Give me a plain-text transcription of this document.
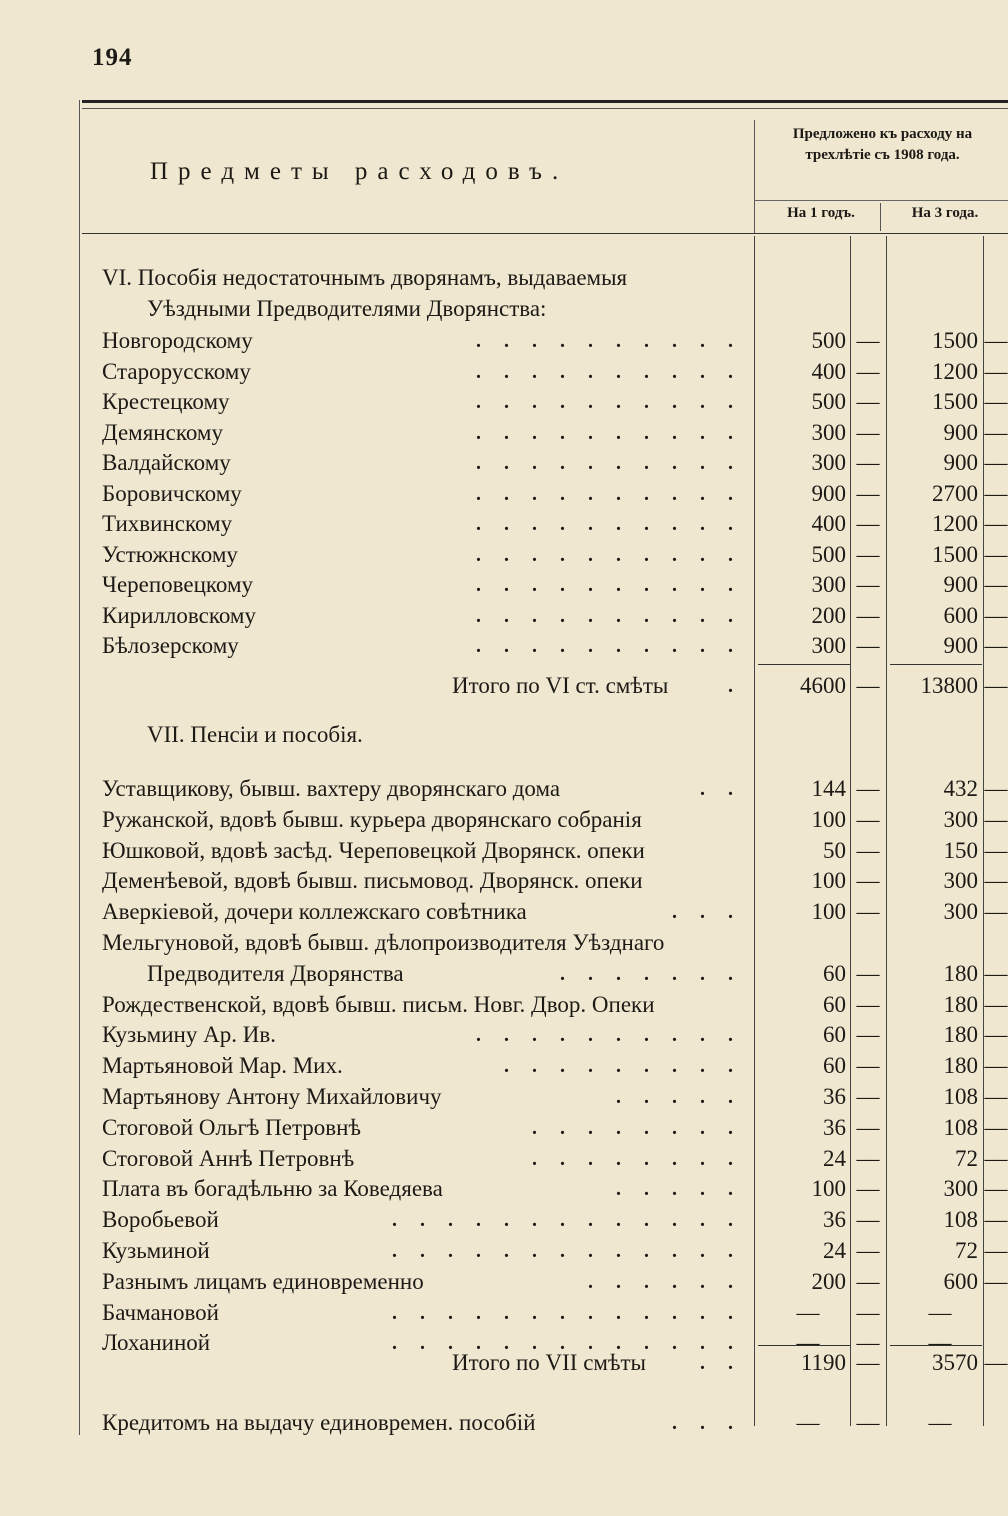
194
Предметы расходовъ.
Предложено къ расходу на трехлѣтіе съ 1908 года.
На 1 годъ.	На 3 года.
VI. Пособія недостаточнымъ дворянамъ, выдаваемыя
Уѣздными Предводителями Дворянства:
Новгородскому	. . . . . . . . . .	500 — 1500 —
Старорусскому	. . . . . . . . . .	400 — 1200 —
Крестецкому	. . . . . . . . . .	500 — 1500 —
Демянскому	. . . . . . . . . .	300 —	900 —
Валдайскому	. . . . . . . . . .	300 —	900 —
Боровичскому	. . . . . . . . . .	900 — 2700 —
Тихвинскому	. . . . . . . . . .	400 — 1200 —
Устюжнскому	. . . . . . . . . .	500 — 1500 —
Череповецкому	. . . . . . . . . .	300 —	900 —
Кирилловскому	. . . . . . . . . .	200 —	600 —
Бѣлозерскому	. . . . . . . . . .	300 —	900 —
Итого по VI ст. смѣты	.	4600 — 13800 —
VII. Пенсіи и пособія.
Уставщикову, бывш. вахтеру дворянскаго дома	. .	144 —	432 —
Ружанской, вдовѣ бывш. курьера дворянскаго собранія	100 —	300 —
Юшковой, вдовѣ засѣд. Череповецкой Дворянск. опеки	50 —	150 —
Деменѣевой, вдовѣ бывш. письмовод. Дворянск. опеки	100 —	300 —
Аверкіевой, дочери коллежскаго совѣтника	. . .	100 —	300 —
Мельгуновой, вдовѣ бывш. дѣлопроизводителя Уѣзднаго
Предводителя Дворянства	. . . . . . .	60 —	180 —
Рождественской, вдовѣ бывш. письм. Новг. Двор. Опеки	60 —	180 —
Кузьмину Ар. Ив.	. . . . . . . . . .	60 —	180 —
Мартьяновой Мар. Мих.	. . . . . . . . .	60 —	180 —
Мартьянову Антону Михайловичу	. . . . .	36 —	108 —
Стоговой Ольгѣ Петровнѣ	. . . . . . . .	36 —	108 —
Стоговой Аннѣ Петровнѣ	. . . . . . . .	24 —	72 —
Плата въ богадѣльню за Коведяева	. . . . .	100 —	300 —
Воробьевой	. . . . . . . . . . . . .	36 —	108 —
Кузьминой	. . . . . . . . . . . . .	24 —	72 —
Разнымъ лицамъ единовременно	. . . . . .	200 —	600 —
Бачмановой	. . . . . . . . . . . . .	—	—	—
Лоханиной	. . . . . . . . . . . . .	—	—	—
Итого по VII смѣты	. .	1190 — 3570 —
Кредитомъ на выдачу единовремен. пособій	. . .	—	—	—
